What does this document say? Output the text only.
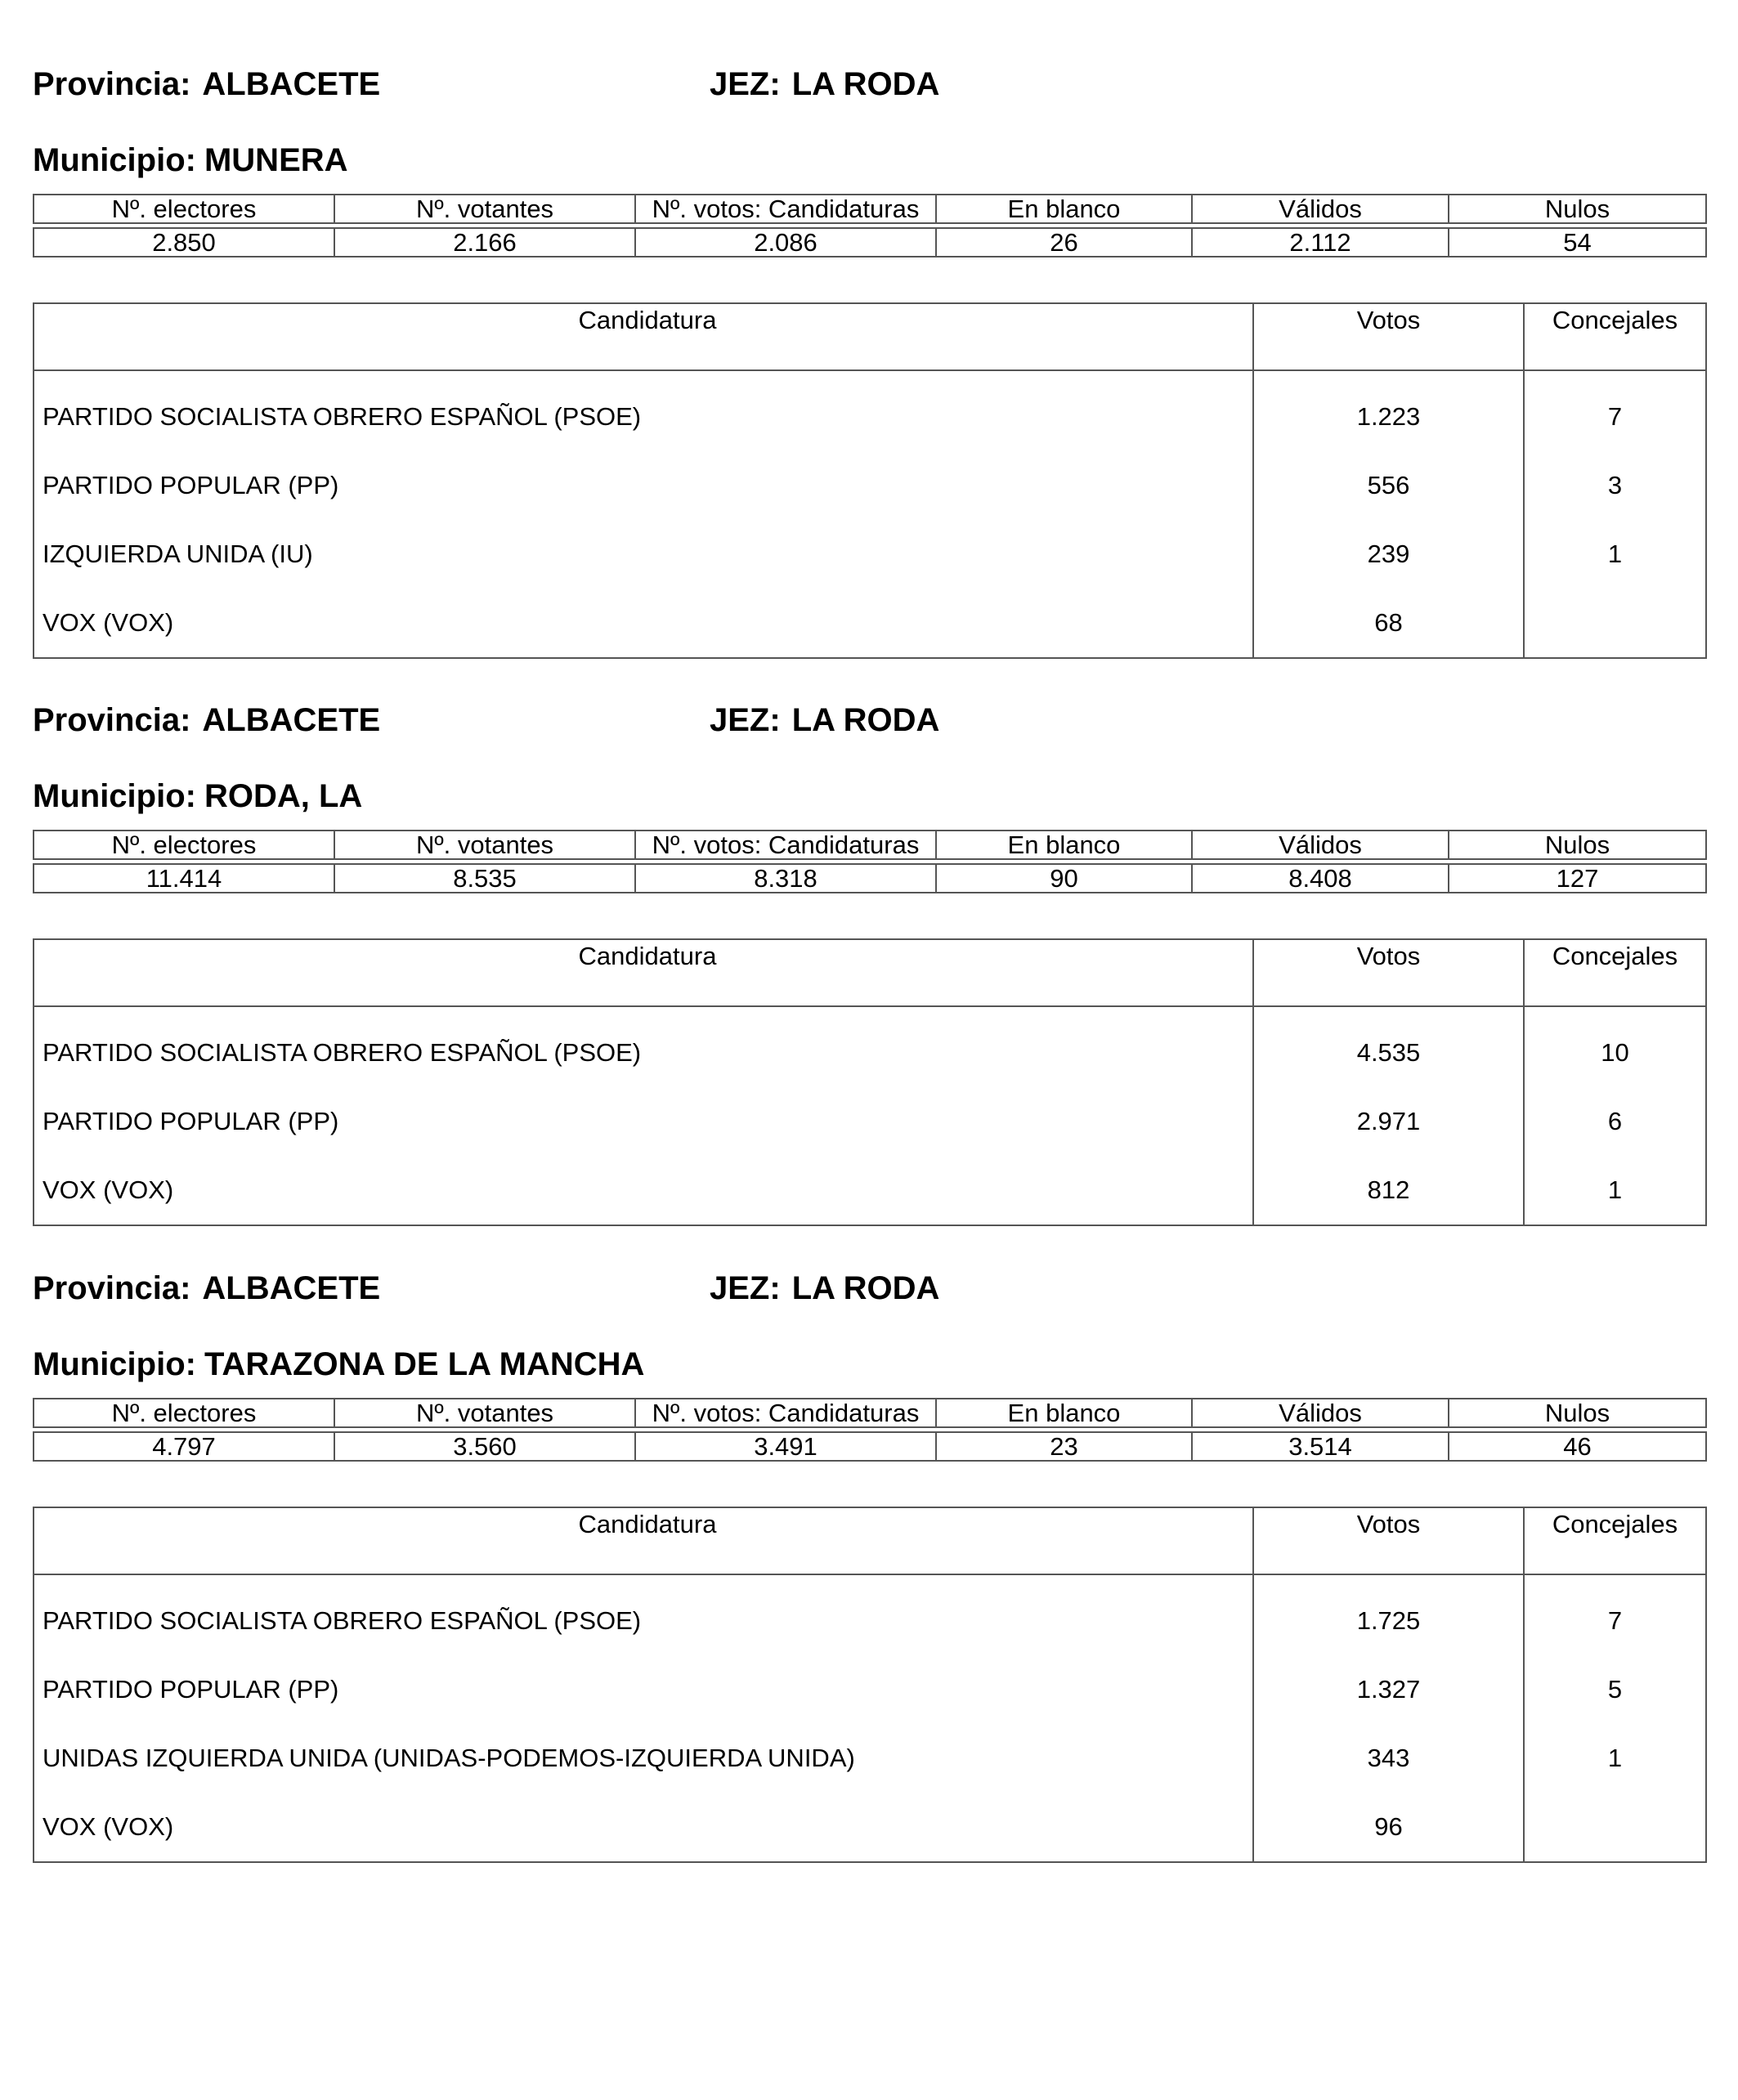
Provincia: ALBACETE	JEZ: LA RODA
Municipio: MUNERA
Nº. electores	Nº. votantes	Nº. votos: Candidaturas	En blanco	Válidos	Nulos

2.850	2.166	2.086	26	2.112	54
Candidatura	Votos	Concejales
PARTIDO SOCIALISTA OBRERO ESPAÑOL (PSOE)	1.223	7
PARTIDO POPULAR (PP)	556	3
IZQUIERDA UNIDA (IU)	239	1
VOX (VOX)	68	
Provincia: ALBACETE	JEZ: LA RODA
Municipio: RODA, LA
Nº. electores	Nº. votantes	Nº. votos: Candidaturas	En blanco	Válidos	Nulos

11.414	8.535	8.318	90	8.408	127
Candidatura	Votos	Concejales
PARTIDO SOCIALISTA OBRERO ESPAÑOL (PSOE)	4.535	10
PARTIDO POPULAR (PP)	2.971	6
VOX (VOX)	812	1
Provincia: ALBACETE	JEZ: LA RODA
Municipio: TARAZONA DE LA MANCHA
Nº. electores	Nº. votantes	Nº. votos: Candidaturas	En blanco	Válidos	Nulos

4.797	3.560	3.491	23	3.514	46
Candidatura	Votos	Concejales
PARTIDO SOCIALISTA OBRERO ESPAÑOL (PSOE)	1.725	7
PARTIDO POPULAR (PP)	1.327	5
UNIDAS IZQUIERDA UNIDA (UNIDAS-PODEMOS-IZQUIERDA UNIDA)	343	1
VOX (VOX)	96	
